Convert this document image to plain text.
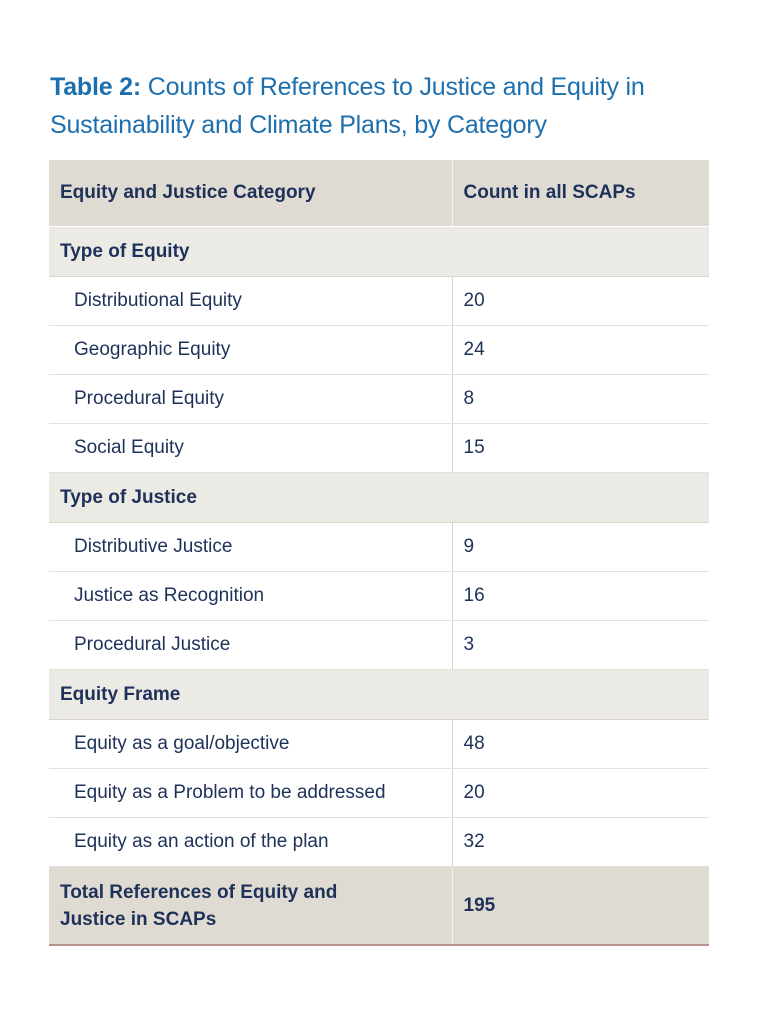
Table 2: Counts of References to Justice and Equity in Sustainability and Climate Plans, by Category
Equity and Justice Category	Count in all SCAPs
Type of Equity	
Distributional Equity	20
Geographic Equity	24
Procedural Equity	8
Social Equity	15
Type of Justice	
Distributive Justice	9
Justice as Recognition	16
Procedural Justice	3
Equity Frame	
Equity as a goal/objective	48
Equity as a Problem to be addressed	20
Equity as an action of the plan	32
Total References of Equity and
Justice in SCAPs	195
